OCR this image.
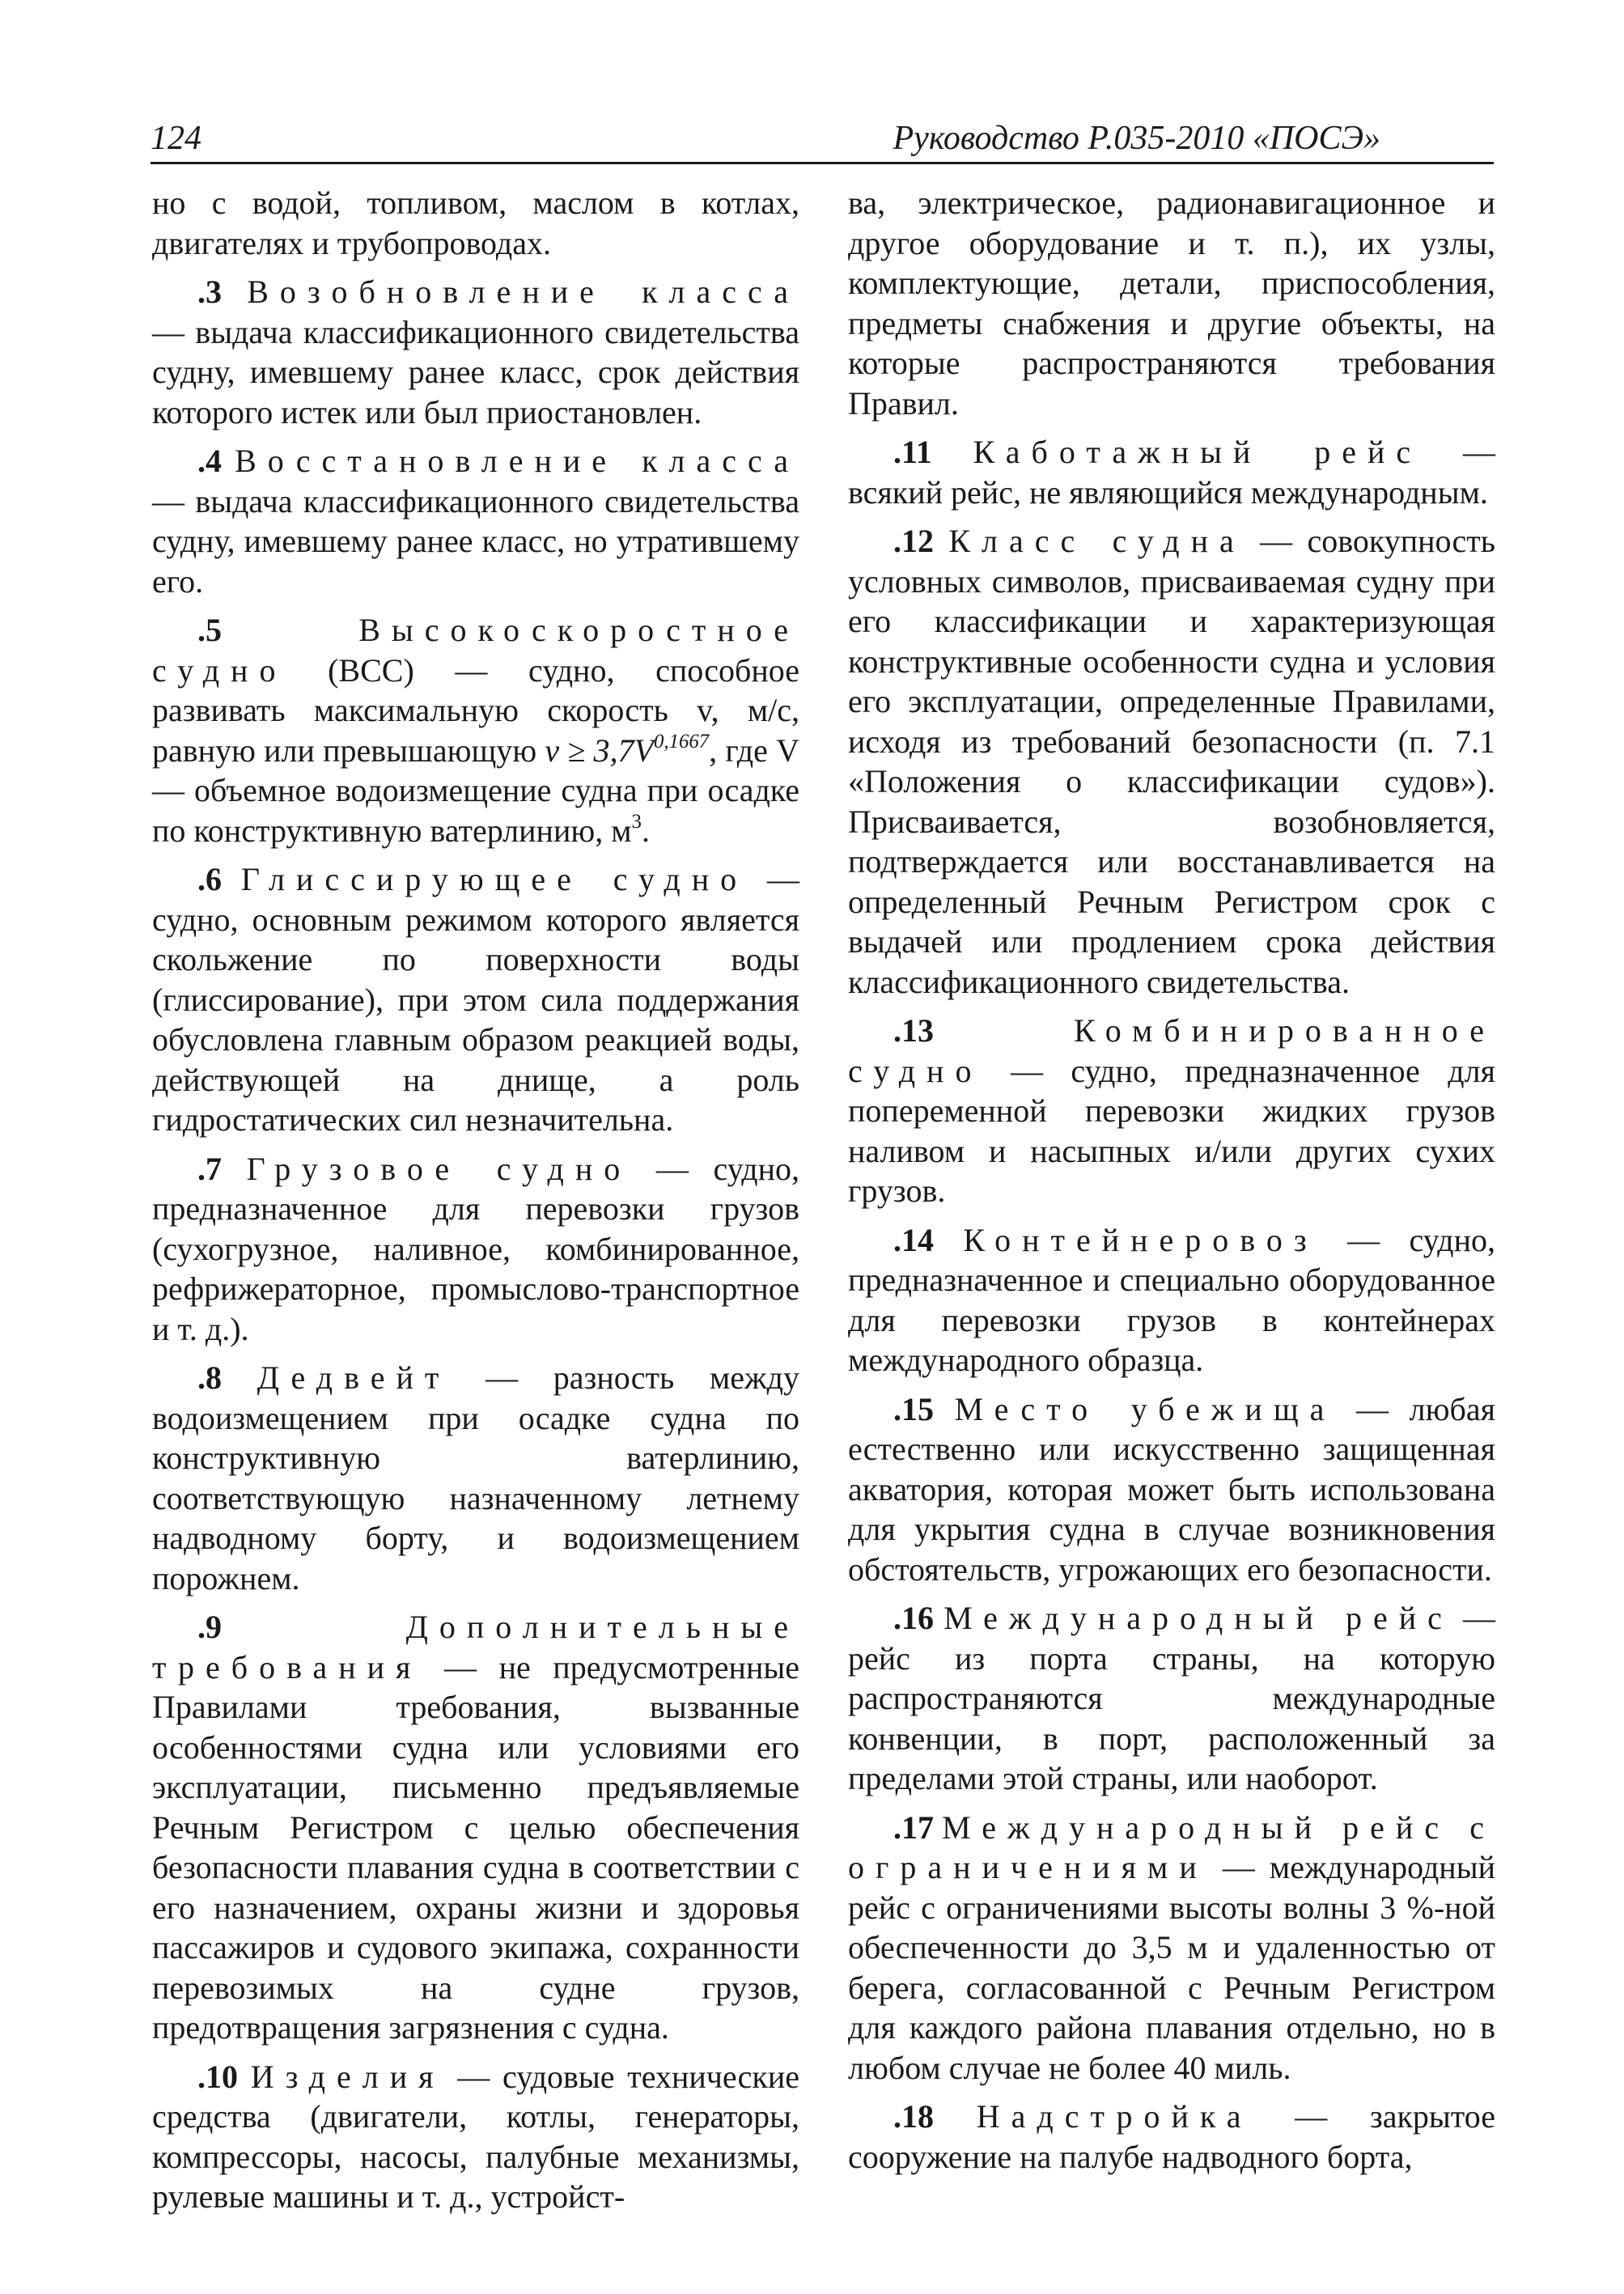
124	Руководство Р.035-2010 «ПОСЭ»

но с водой, топливом, маслом в котлах, двигателях и трубопроводах.

.3 Возобновление класса — выдача классификационного свидетельства судну, имевшему ранее класс, срок действия которого истек или был приостановлен.

.4 Восстановление класса — выдача классификационного свидетельства судну, имевшему ранее класс, но утратившему его.

.5	Высокоскоростное судно (ВСС) — судно, способное развивать максимальную скорость v, м/с, равную или превышающую $v \ge 3,7V^{0,1667}$, где V — объемное водоизмещение судна при осадке по конструктивную ватерлинию, $м^3$.

.6 Глиссирующее судно — судно, основным режимом которого является скольжение по поверхности воды (глиссирование), при этом сила поддержания обусловлена главным образом реакцией воды, действующей на днище, а роль гидростатических сил незначительна.

.7 Грузовое судно — судно, предназначенное для перевозки грузов (сухогрузное, наливное, комбинированное, рефрижераторное, промыслово-транспортное и т. д.).

.8 Дедвейт — разность между водоизмещением при осадке судна по конструктивную ватерлинию, соответствующую назначенному летнему надводному борту, и водоизмещением порожнем.

.9	Дополнительные требования — не предусмотренные Правилами требования, вызванные особенностями судна или условиями его эксплуатации, письменно предъявляемые Речным Регистром с целью обеспечения безопасности плавания судна в соответствии с его назначением, охраны жизни и здоровья пассажиров и судового экипажа, сохранности перевозимых на судне грузов, предотвращения загрязнения с судна.

.10 Изделия — судовые технические средства (двигатели, котлы, генераторы, компрессоры, насосы, палубные механизмы, рулевые машины и т. д., устройст-

ва, электрическое, радионавигационное и другое оборудование и т. п.), их узлы, комплектующие, детали, приспособления, предметы снабжения и другие объекты, на которые распространяются требования Правил.

.11 Каботажный рейс — всякий рейс, не являющийся международным.

.12 Класс судна — совокупность условных символов, присваиваемая судну при его классификации и характеризующая конструктивные особенности судна и условия его эксплуатации, определенные Правилами, исходя из требований безопасности (п. 7.1 «Положения о классификации судов»). Присваивается, возобновляется, подтверждается или восстанавливается на определенный Речным Регистром срок с выдачей или продлением срока действия классификационного свидетельства.

.13	Комбинированное судно — судно, предназначенное для попеременной перевозки жидких грузов наливом и насыпных и/или других сухих грузов.

.14 Контейнеровоз — судно, предназначенное и специально оборудованное для перевозки грузов в контейнерах международного образца.

.15 Место убежища — любая естественно или искусственно защищенная акватория, которая может быть использована для укрытия судна в случае возникновения обстоятельств, угрожающих его безопасности.

.16 Международный рейс — рейс из порта страны, на которую распространяются международные конвенции, в порт, расположенный за пределами этой страны, или наоборот.

.17 Международный рейс с ограничениями — международный рейс с ограничениями высоты волны 3 %-ной обеспеченности до 3,5 м и удаленностью от берега, согласованной с Речным Регистром для каждого района плавания отдельно, но в любом случае не более 40 миль.

.18 Надстройка — закрытое сооружение на палубе надводного борта,
